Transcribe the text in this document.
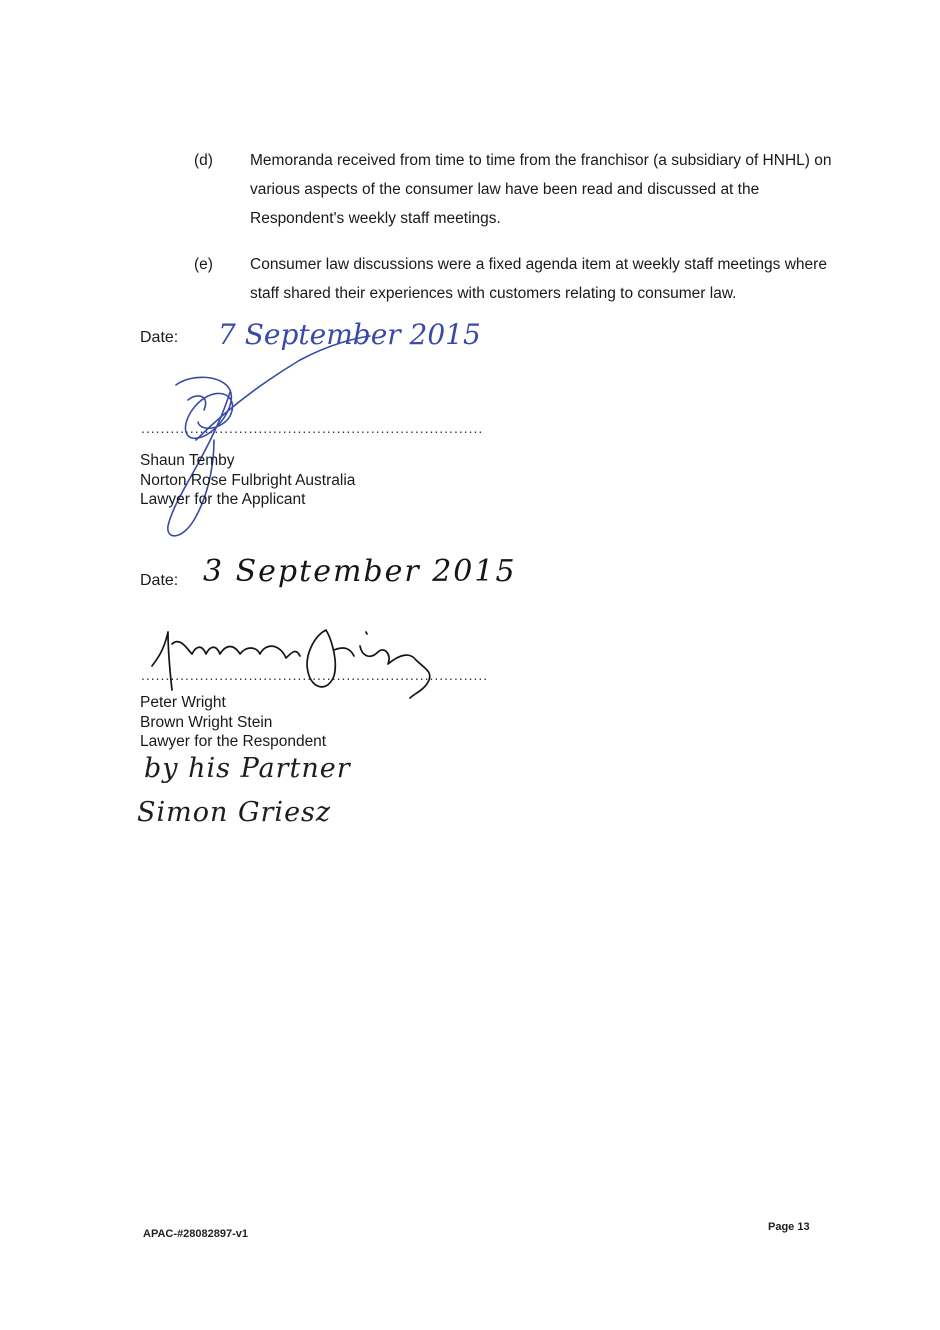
(d) Memoranda received from time to time from the franchisor (a subsidiary of HNHL) on various aspects of the consumer law have been read and discussed at the Respondent's weekly staff meetings.
(e) Consumer law discussions were a fixed agenda item at weekly staff meetings where staff shared their experiences with customers relating to consumer law.
Date: 7 September 2015
......................................................................
Shaun Temby
Norton Rose Fulbright Australia
Lawyer for the Applicant
Date: 3 September 2015
.......................................................................
Peter Wright
Brown Wright Stein
Lawyer for the Respondent
by his Partner
Simon Griesz
APAC-#28082897-v1
Page 13
